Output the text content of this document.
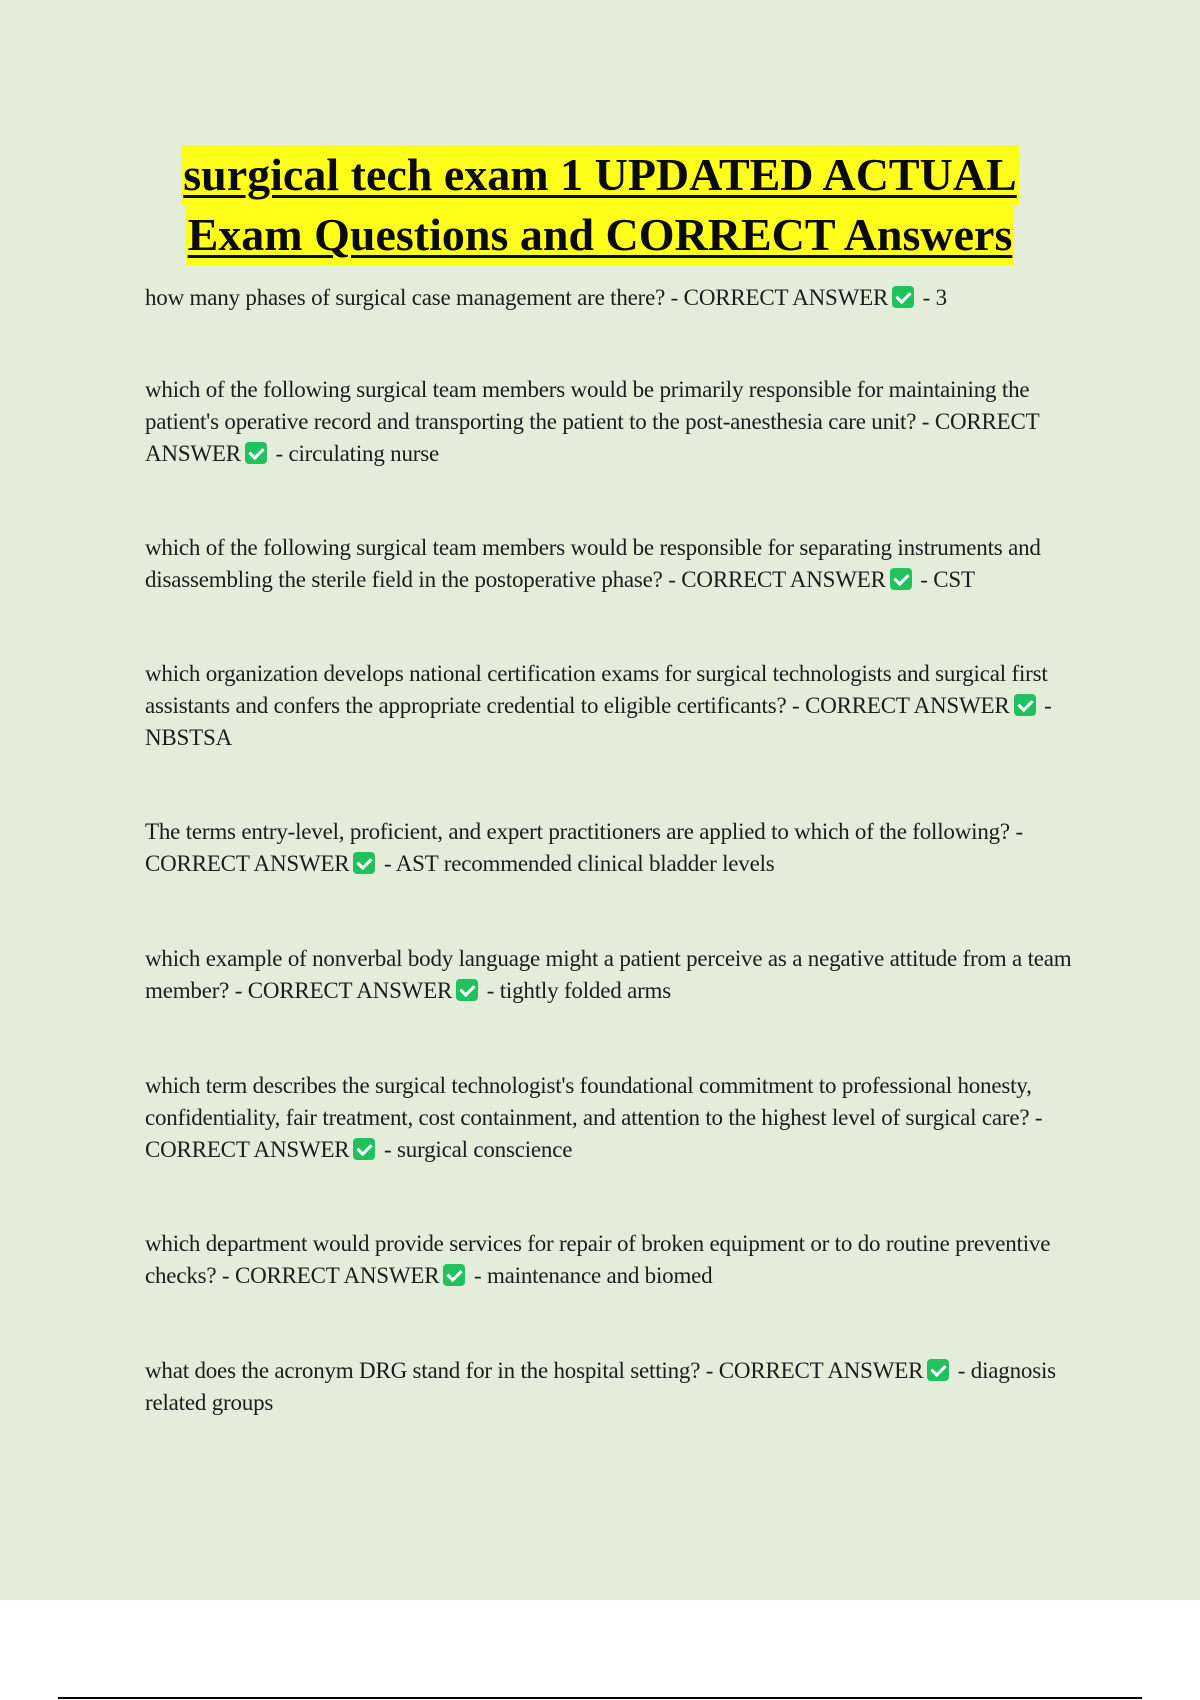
surgical tech exam 1 UPDATED ACTUAL
Exam Questions and CORRECT Answers
how many phases of surgical case management are there? - CORRECT ANSWER - 3
which of the following surgical team members would be primarily responsible for maintaining the patient's operative record and transporting the patient to the post-anesthesia care unit? - CORRECT ANSWER - circulating nurse
which of the following surgical team members would be responsible for separating instruments and disassembling the sterile field in the postoperative phase? - CORRECT ANSWER - CST
which organization develops national certification exams for surgical technologists and surgical first assistants and confers the appropriate credential to eligible certificants? - CORRECT ANSWER - NBSTSA
The terms entry-level, proficient, and expert practitioners are applied to which of the following? - CORRECT ANSWER - AST recommended clinical bladder levels
which example of nonverbal body language might a patient perceive as a negative attitude from a team member? - CORRECT ANSWER - tightly folded arms
which term describes the surgical technologist's foundational commitment to professional honesty, confidentiality, fair treatment, cost containment, and attention to the highest level of surgical care? - CORRECT ANSWER - surgical conscience
which department would provide services for repair of broken equipment or to do routine preventive checks? - CORRECT ANSWER - maintenance and biomed
what does the acronym DRG stand for in the hospital setting? - CORRECT ANSWER - diagnosis related groups
